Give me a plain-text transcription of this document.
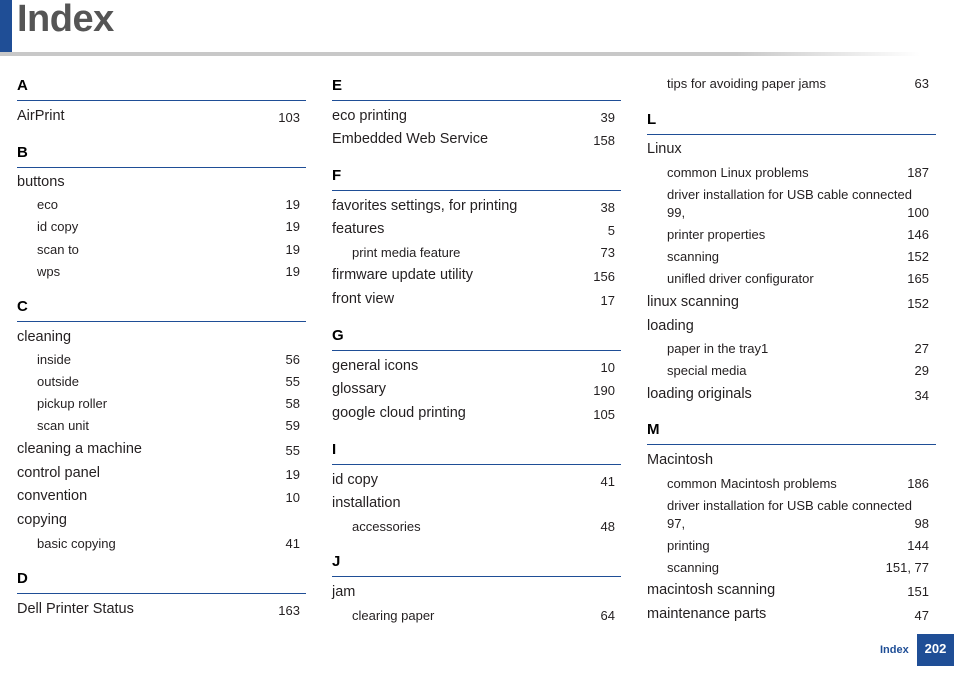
Index
A
AirPrint	103
B
buttons
eco	19
id copy	19
scan to	19
wps	19
C
cleaning
inside	56
outside	55
pickup roller	58
scan unit	59
cleaning a machine	55
control panel	19
convention	10
copying
basic copying	41
D
Dell Printer Status	163
E
eco printing	39
Embedded Web Service	158
F
favorites settings, for printing	38
features	5
print media feature	73
firmware update utility	156
front view	17
G
general icons	10
glossary	190
google cloud printing	105
I
id copy	41
installation
accessories	48
J
jam
clearing paper	64
tips for avoiding paper jams	63
L
Linux
common Linux problems	187
driver installation for USB cable connected
99,	100
printer properties	146
scanning	152
unifled driver configurator	165
linux scanning	152
loading
paper in the tray1	27
special media	29
loading originals	34
M
Macintosh
common Macintosh problems	186
driver installation for USB cable connected
97,	98
printing	144
scanning	151, 77
macintosh scanning	151
maintenance parts	47
Index	202
